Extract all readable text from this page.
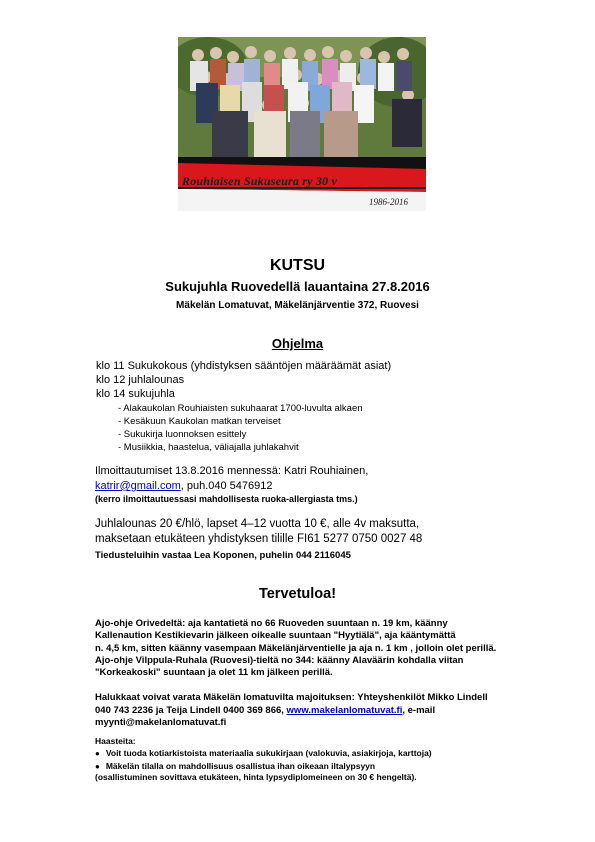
Rouhiaisen Sukuseura ry 30 v
1986-2016
KUTSU
Sukujuhla Ruovedellä lauantaina 27.8.2016
Mäkelän Lomatuvat, Mäkelänjärventie 372, Ruovesi
Ohjelma
klo 11 Sukukokous (yhdistyksen sääntöjen määräämät asiat)
klo 12 juhlalounas
klo 14 sukujuhla
- Alakaukolan Rouhiaisten sukuhaarat 1700-luvulta alkaen
- Kesäkuun Kaukolan matkan terveiset
- Sukukirja luonnoksen esittely
- Musiikkia, haastelua, väliajalla juhlakahvit
Ilmoittautumiset 13.8.2016 mennessä: Katri Rouhiainen,
katrir@gmail.com, puh.040 5476912
(kerro ilmoittautuessasi mahdollisesta ruoka-allergiasta tms.)
Juhlalounas 20 €/hlö, lapset 4–12 vuotta 10 €, alle 4v maksutta,
maksetaan etukäteen yhdistyksen tilille FI61 5277 0750 0027 48
Tiedusteluihin vastaa Lea Koponen, puhelin 044 2116045
Tervetuloa!
Ajo-ohje Orivedeltä: aja kantatietä no 66 Ruoveden suuntaan n. 19 km, käänny
Kallenaution Kestikievarin jälkeen oikealle suuntaan "Hyytiälä", aja kääntymättä
n. 4,5 km, sitten käänny vasempaan Mäkelänjärventielle ja aja n. 1 km , jolloin olet perillä.
Ajo-ohje Vilppula-Ruhala (Ruovesi)-tieltä no 344: käänny Alaväärin kohdalla viitan
"Korkeakoski" suuntaan ja olet 11 km jälkeen perillä.
Halukkaat voivat varata Mäkelän lomatuvilta majoituksen: Yhteyshenkilöt Mikko Lindell
040 743 2236 ja Teija Lindell 0400 369 866, www.makelanlomatuvat.fi, e-mail
myynti@makelanlomatuvat.fi
Haasteita:
● Voit tuoda kotiarkistoista materiaalia sukukirjaan (valokuvia, asiakirjoja, karttoja)
● Mäkelän tilalla on mahdollisuus osallistua ihan oikeaan iltalypsyyn
(osallistuminen sovittava etukäteen, hinta lypsydiplomeineen on 30 € hengeltä).
